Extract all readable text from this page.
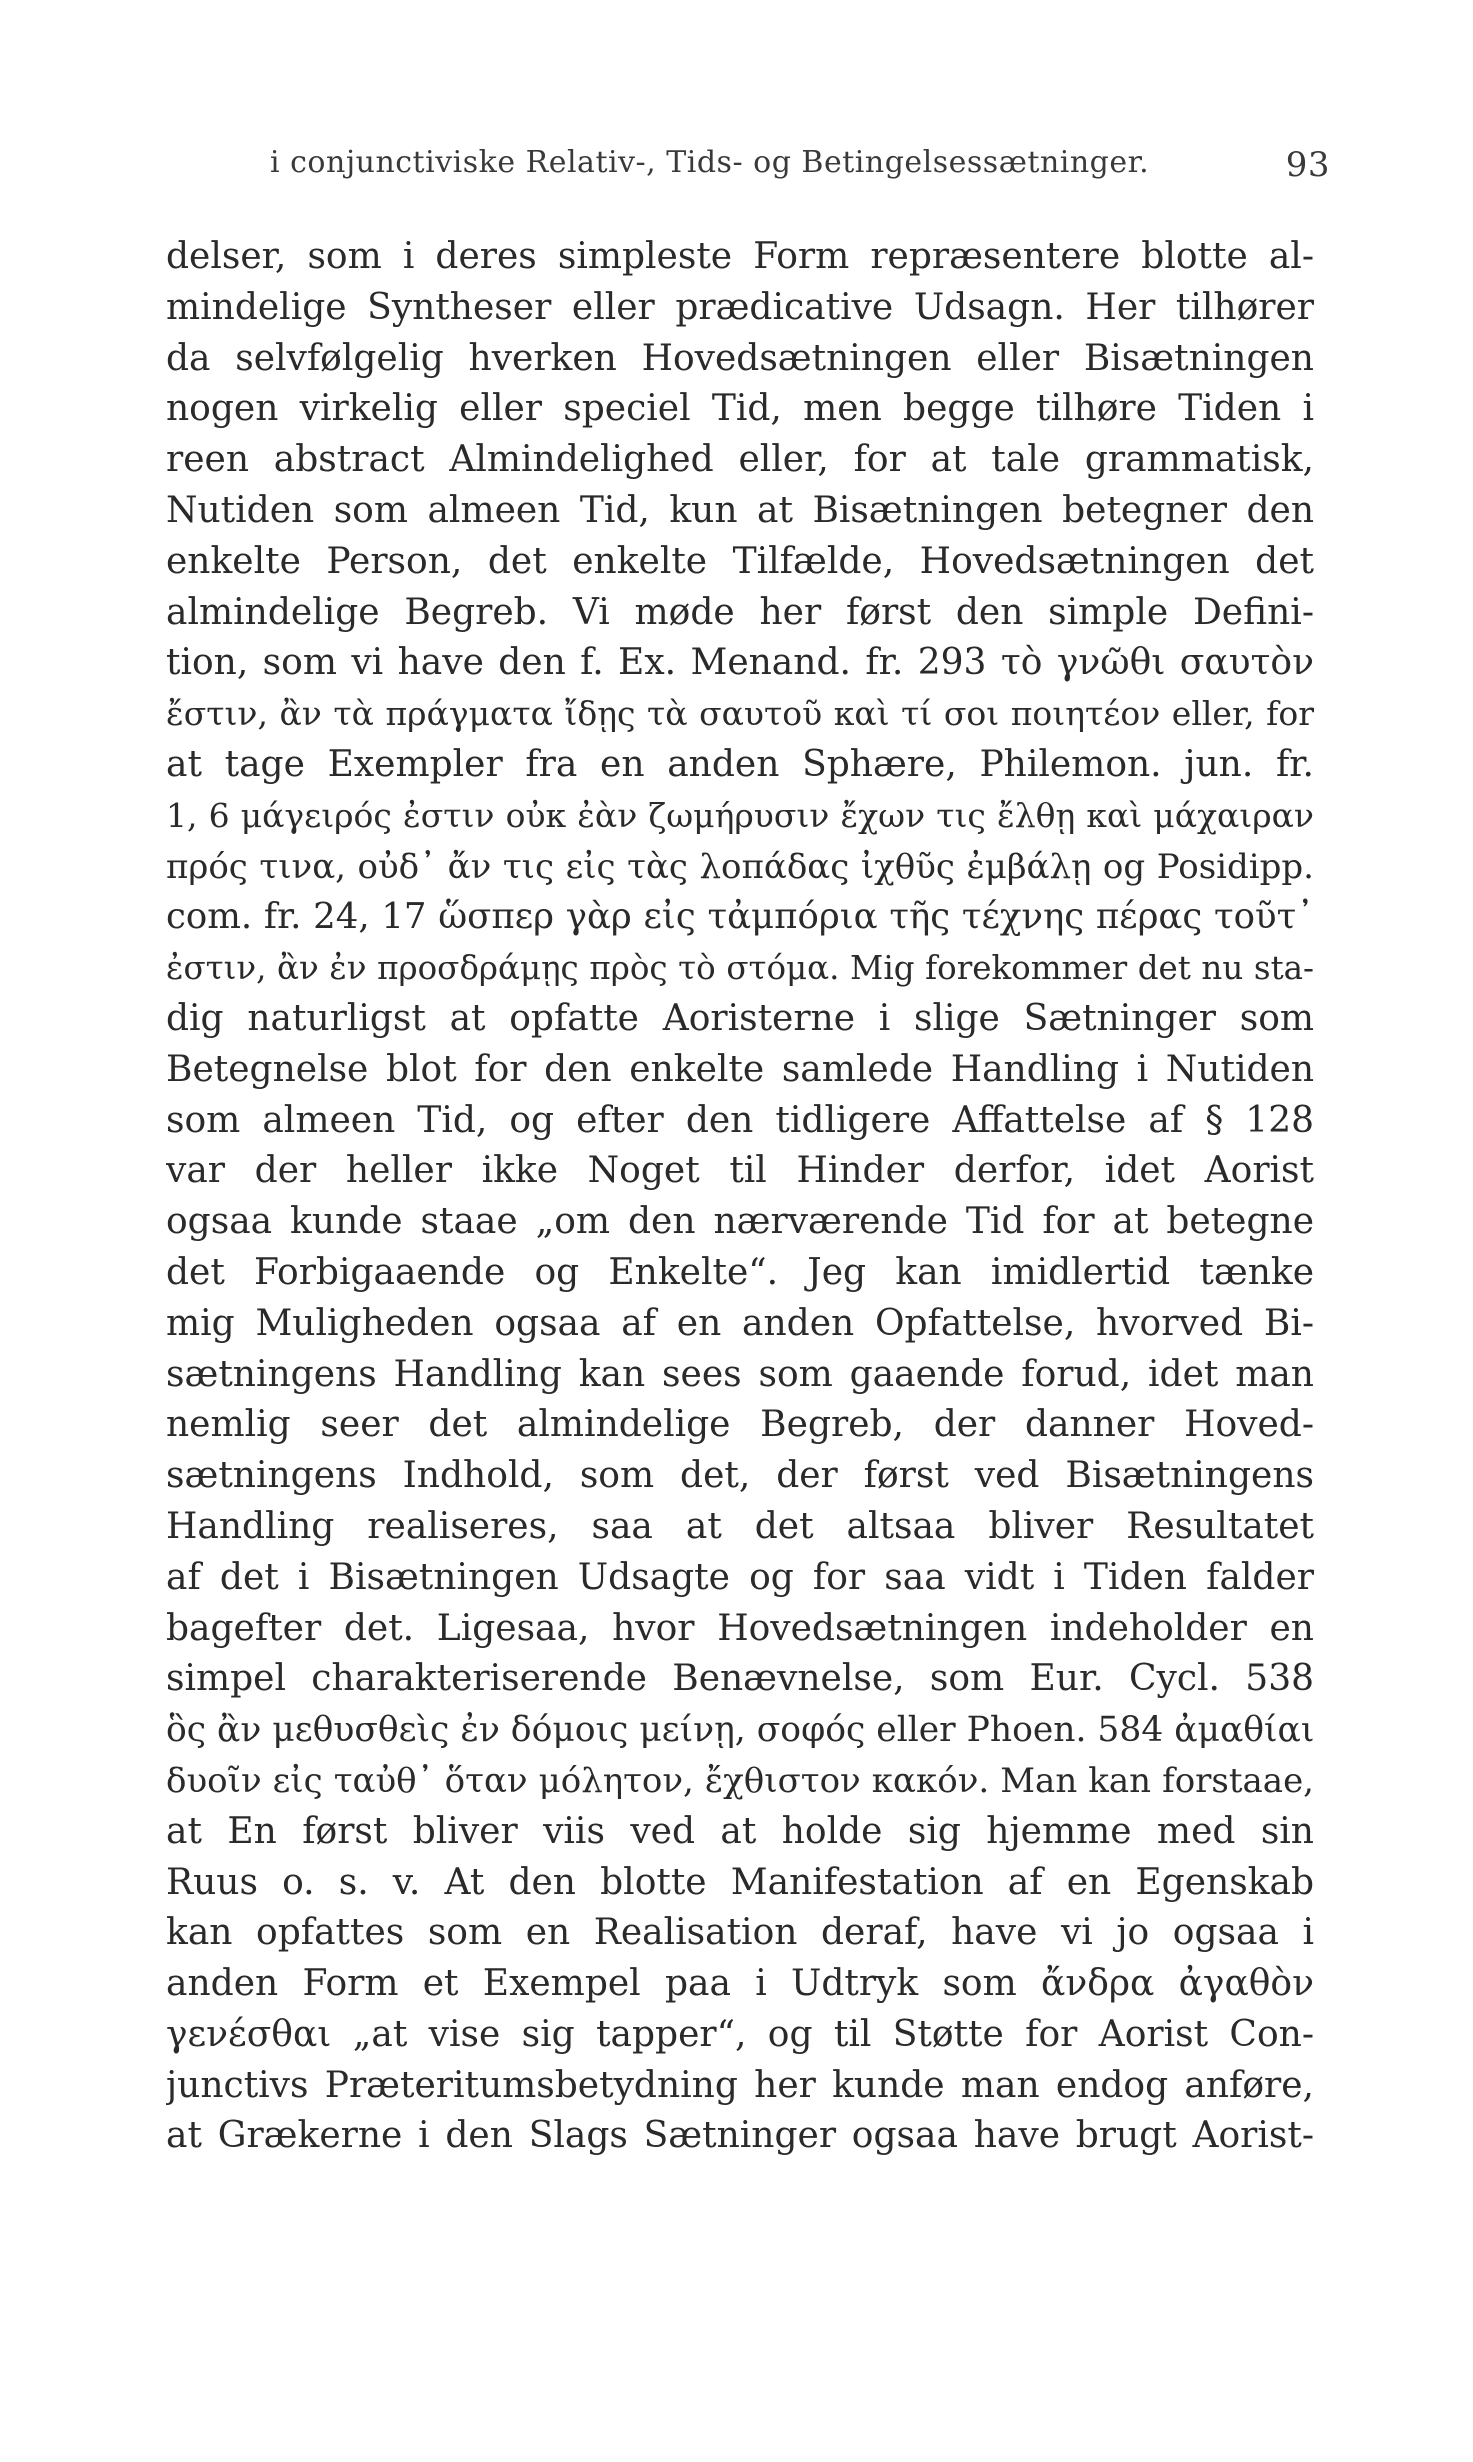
i conjunctiviske Relativ-, Tids- og Betingelsessætninger.	93
delser, som i deres simpleste Form repræsentere blotte al-
mindelige Syntheser eller prædicative Udsagn. Her tilhører
da selvfølgelig hverken Hovedsætningen eller Bisætningen
nogen virkelig eller speciel Tid, men begge tilhøre Tiden i
reen abstract Almindelighed eller, for at tale grammatisk,
Nutiden som almeen Tid, kun at Bisætningen betegner den
enkelte Person, det enkelte Tilfælde, Hovedsætningen det
almindelige Begreb. Vi møde her først den simple Defini-
tion, som vi have den f. Ex. Menand. fr. 293 τὸ γνῶθι σαυτὸν
ἔστιν, ἂν τὰ πράγματα ἴδῃς τὰ σαυτοῦ καὶ τί σοι ποιητέον eller, for
at tage Exempler fra en anden Sphære, Philemon. jun. fr.
1, 6 μάγειρός ἐστιν οὐκ ἐὰν ζωμήρυσιν ἔχων τις ἔλθῃ καὶ μάχαιραν
πρός τινα, οὐδ᾽ ἄν τις εἰς τὰς λοπάδας ἰχθῦς ἐμβάλῃ og Posidipp.
com. fr. 24, 17 ὥσπερ γὰρ εἰς τἀμπόρια τῆς τέχνης πέρας τοῦτ᾽
ἐστιν, ἂν ἐν προσδράμῃς πρὸς τὸ στόμα. Mig forekommer det nu sta-
dig naturligst at opfatte Aoristerne i slige Sætninger som
Betegnelse blot for den enkelte samlede Handling i Nutiden
som almeen Tid, og efter den tidligere Affattelse af § 128
var der heller ikke Noget til Hinder derfor, idet Aorist
ogsaa kunde staae „om den nærværende Tid for at betegne
det Forbigaaende og Enkelte“. Jeg kan imidlertid tænke
mig Muligheden ogsaa af en anden Opfattelse, hvorved Bi-
sætningens Handling kan sees som gaaende forud, idet man
nemlig seer det almindelige Begreb, der danner Hoved-
sætningens Indhold, som det, der først ved Bisætningens
Handling realiseres, saa at det altsaa bliver Resultatet
af det i Bisætningen Udsagte og for saa vidt i Tiden falder
bagefter det. Ligesaa, hvor Hovedsætningen indeholder en
simpel charakteriserende Benævnelse, som Eur. Cycl. 538
ὃς ἂν μεθυσθεὶς ἐν δόμοις μείνῃ, σοφός eller Phoen. 584 ἀμαθίαι
δυοῖν εἰς ταὐθ᾽ ὅταν μόλητον, ἔχθιστον κακόν. Man kan forstaae,
at En først bliver viis ved at holde sig hjemme med sin
Ruus o. s. v. At den blotte Manifestation af en Egenskab
kan opfattes som en Realisation deraf, have vi jo ogsaa i
anden Form et Exempel paa i Udtryk som ἄνδρα ἀγαθὸν
γενέσθαι „at vise sig tapper“, og til Støtte for Aorist Con-
junctivs Præteritumsbetydning her kunde man endog anføre,
at Grækerne i den Slags Sætninger ogsaa have brugt Aorist-
